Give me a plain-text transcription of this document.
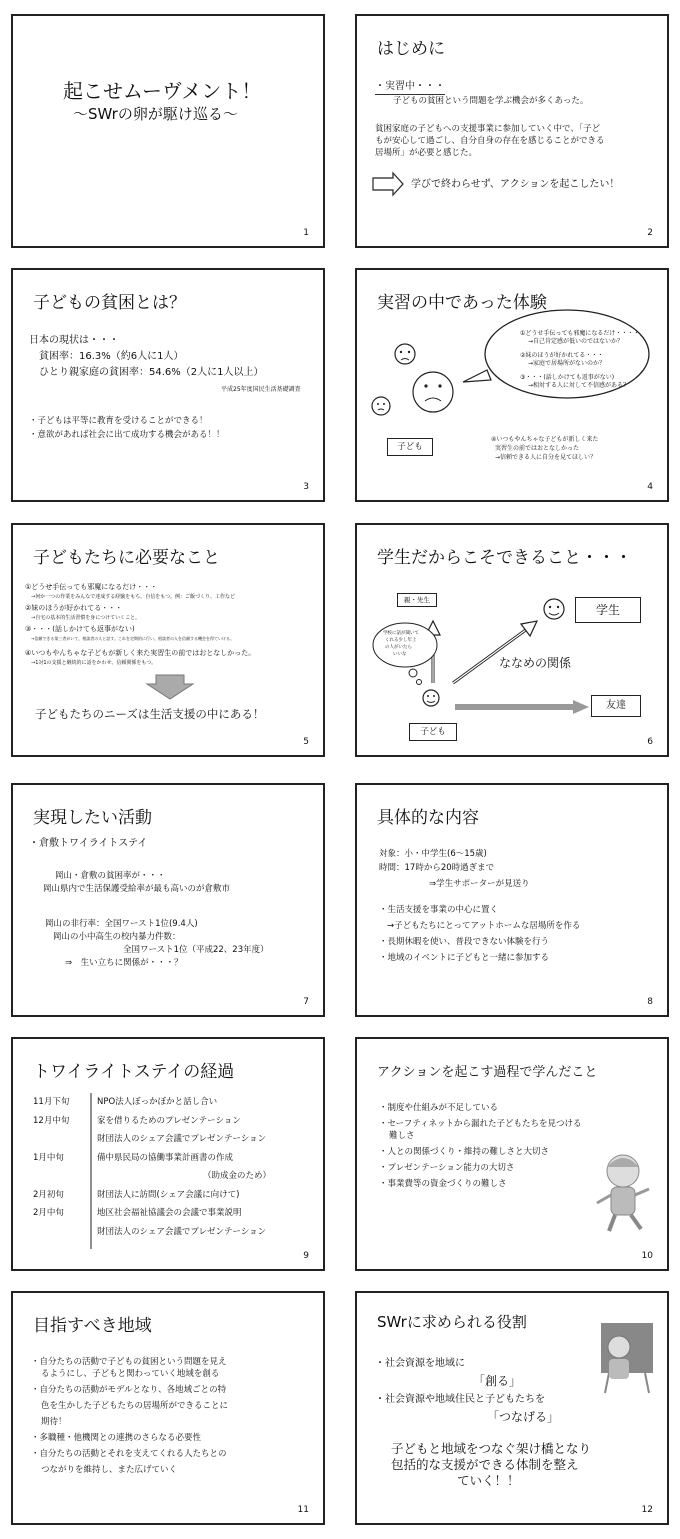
起こせムーヴメント！
～SWrの卵が駆け巡る～
1
はじめに
・実習中・・・
子どもの貧困という問題を学ぶ機会が多くあった。
貧困家庭の子どもへの支援事業に参加していく中で、「子ど
もが安心して過ごし、自分自身の存在を感じることができる
居場所」が必要と感じた。
学びで終わらせず、アクションを起こしたい！
2
子どもの貧困とは？
日本の現状は・・・
貧困率：16.3%（約6人に1人）
ひとり親家庭の貧困率：54.6%（2人に1人以上）
平成25年度国民生活基礎調査
・子どもは平等に教育を受けることができる！
・意欲があれば社会に出て成功する機会がある！！
3
実習の中であった体験
①どうせ手伝っても邪魔になるだけ・・・・
→自己肯定感が低いのではないか？
②妹のほうが好かれてる・・・
→家庭で居場所がないのか？
③・・・(話しかけても返事がない)
→相対する人に対して不信感がある？
子ども
④いつもやんちゃな子どもが新しく来た
実習生の前ではおとなしかった
→信頼できる人に自分を見てほしい？
4
子どもたちに必要なこと
①どうせ手伝っても邪魔になるだけ・・・
→何か一つの作業をみんなで達成する経験をもち、自信をもつ。例：ご飯づくり、工作など
②妹のほうが好かれてる・・・
→自宅の基本的生活習慣を身につけていくこと。
③・・・(話しかけても返事がない)
→信頼できる第三者がいて、相談者の人と話す。これを定期的に行い、相談者の人を信頼する機会を得ていける。
④いつもやんちゃな子どもが新しく来た実習生の前ではおとなしかった。
→1対1の支援と継続的に話をかわせ、信頼関係をもつ。
子どもたちのニーズは生活支援の中にある！
5
学生だからこそできること・・・
親・先生
学生
ななめの関係
友達
子ども
学校に話が聞いて
くれる少し年上
の人がいたら
いいな
6
実現したい活動
・倉敷トワイライトステイ
岡山・倉敷の貧困率が・・・
岡山県内で生活保護受給率が最も高いのが倉敷市
岡山の非行率：全国ワースト1位(9.4人)
岡山の小中高生の校内暴力件数：
全国ワースト1位（平成22、23年度）
⇒　生い立ちに関係が・・・？
7
具体的な内容
対象：小・中学生(6～15歳)
時間：17時から20時過ぎまで
⇒学生サポーターが見送り
・生活支援を事業の中心に置く
→子どもたちにとってアットホームな居場所を作る
・長期休暇を使い、普段できない体験を行う
・地域のイベントに子どもと一緒に参加する
8
トワイライトステイの経過
11月下旬	NPO法人ぼっかぼかと話し合い
12月中旬	家を借りるためのプレゼンテーション
財団法人のシェア会議でプレゼンテーション
1月中旬	備中県民局の協働事業計画書の作成
（助成金のため）
2月初旬	財団法人に訪問(シェア会議に向けて)
2月中旬	地区社会福祉協議会の会議で事業説明
財団法人のシェア会議でプレゼンテーション
9
アクションを起こす過程で学んだこと
・制度や仕組みが不足している
・セーフティネットから漏れた子どもたちを見つける
難しさ
・人との関係づくり・維持の難しさと大切さ
・プレゼンテーション能力の大切さ
・事業費等の資金づくりの難しさ
10
目指すべき地域
・自分たちの活動で子どもの貧困という問題を見え
るようにし、子どもと関わっていく地域を創る
・自分たちの活動がモデルとなり、各地域ごとの特
色を生かした子どもたちの居場所ができることに
期待！
・多職種・他機関との連携のさらなる必要性
・自分たちの活動とそれを支えてくれる人たちとの
つながりを維持し、また広げていく
11
SWrに求められる役割
・社会資源を地域に
「創る」
・社会資源や地域住民と子どもたちを
「つなげる」
子どもと地域をつなぐ架け橋となり
包括的な支援ができる体制を整え
ていく！！
12
